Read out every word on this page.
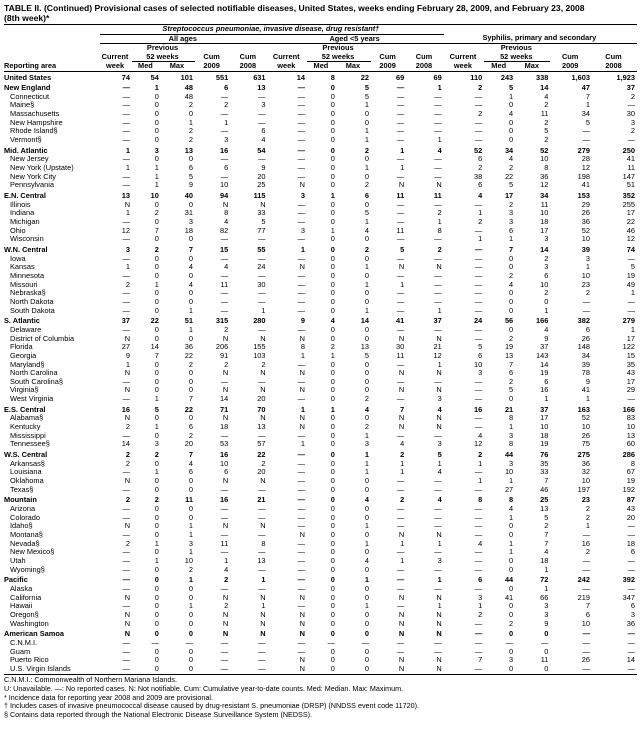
TABLE II. (Continued) Provisional cases of selected notifiable diseases, United States, weeks ending February 28, 2009, and February 23, 2008
(8th week)*
	Streptococcus pneumoniae, invasive disease, drug resistant†														
	All ages					Aged <5 years					Syphilis, primary and secondary				
		Previous					Previous					Previous			
	Current	52 weeks		Cum	Cum	Current	52 weeks		Cum	Cum	Current	52 weeks		Cum	Cum
Reporting area	week	Med	Max	2009	2008	week	Med	Max	2009	2008	week	Med	Max	2009	2008
United States	74	54	101	551	631	14	8	22	69	69	110	243	338	1,603	1,923
New England	—	1	48	6	13	—	0	5	—	1	2	5	14	47	37
Connecticut	—	0	48	—	—	—	0	5	—	—	—	1	4	7	2
Maine§	—	0	2	2	3	—	0	1	—	—	—	0	2	1	—
Massachusetts	—	0	0	—	—	—	0	0	—	—	2	4	11	34	30
New Hampshire	—	0	1	1	—	—	0	0	—	—	—	0	2	5	3
Rhode Island§	—	0	2	—	6	—	0	1	—	—	—	0	5	—	2
Vermont§	—	0	2	3	4	—	0	1	—	1	—	0	2	—	—
Mid. Atlantic	1	3	13	16	54	—	0	2	1	4	52	34	52	279	250
New Jersey	—	0	0	—	—	—	0	0	—	—	6	4	10	28	41
New York (Upstate)	1	1	6	6	9	—	0	1	1	—	2	2	8	12	11
New York City	—	1	5	—	20	—	0	0	—	—	38	22	36	198	147
Pennsylvania	—	1	9	10	25	N	0	2	N	N	6	5	12	41	51
E.N. Central	13	10	40	94	115	3	1	6	11	11	4	17	34	153	352
Illinois	N	0	0	N	N	—	0	0	—	—	—	2	11	29	255
Indiana	1	2	31	8	33	—	0	5	—	2	1	3	10	26	17
Michigan	—	0	3	4	5	—	0	1	—	1	2	3	18	36	22
Ohio	12	7	18	82	77	3	1	4	11	8	—	6	17	52	46
Wisconsin	—	0	0	—	—	—	0	0	—	—	1	1	3	10	12
W.N. Central	3	2	7	15	55	1	0	2	5	2	—	7	14	39	74
Iowa	—	0	0	—	—	—	0	0	—	—	—	0	2	3	—
Kansas	1	0	4	4	24	N	0	1	N	N	—	0	3	1	5
Minnesota	—	0	0	—	—	—	0	0	—	—	—	2	6	10	19
Missouri	2	1	4	11	30	—	0	1	1	—	—	4	10	23	49
Nebraska§	—	0	0	—	—	—	0	0	—	—	—	0	2	2	1
North Dakota	—	0	0	—	—	—	0	0	—	—	—	0	0	—	—
South Dakota	—	0	1	—	1	—	0	1	—	1	—	0	1	—	—
S. Atlantic	37	22	51	315	280	9	4	14	41	37	24	56	166	382	279
Delaware	—	0	1	2	—	—	0	0	—	—	—	0	4	6	1
District of Columbia	N	0	0	N	N	N	0	0	N	N	—	2	9	26	17
Florida	27	14	36	206	155	8	2	13	30	21	5	19	37	148	122
Georgia	9	7	22	91	103	1	1	5	11	12	6	13	143	34	15
Maryland§	1	0	2	2	2	—	0	0	—	1	10	7	14	39	35
North Carolina	N	0	0	N	N	N	0	0	N	N	3	6	19	78	43
South Carolina§	—	0	0	—	—	—	0	0	—	—	—	2	6	9	17
Virginia§	N	0	0	N	N	N	0	0	N	N	—	5	16	41	29
West Virginia	—	1	7	14	20	—	0	2	—	3	—	0	1	1	—
E.S. Central	16	5	22	71	70	1	1	4	7	4	16	21	37	163	166
Alabama§	N	0	0	N	N	N	0	0	N	N	—	8	17	52	83
Kentucky	2	1	6	18	13	N	0	2	N	N	—	1	10	10	10
Mississippi	—	0	2	—	—	—	0	1	—	—	4	3	18	26	13
Tennessee§	14	3	20	53	57	1	0	3	4	3	12	8	19	75	60
W.S. Central	2	2	7	16	22	—	0	1	2	5	2	44	76	275	286
Arkansas§	2	0	4	10	2	—	0	1	1	1	1	3	35	36	8
Louisiana	—	1	6	6	20	—	0	1	1	4	—	10	33	32	67
Oklahoma	N	0	0	N	N	—	0	0	—	—	1	1	7	10	19
Texas§	—	0	0	—	—	—	0	0	—	—	—	27	46	197	192
Mountain	2	2	11	16	21	—	0	4	2	4	8	8	25	23	87
Arizona	—	0	0	—	—	—	0	0	—	—	—	4	13	2	43
Colorado	—	0	0	—	—	—	0	0	—	—	—	1	5	2	20
Idaho§	N	0	1	N	N	—	0	1	—	—	—	0	2	1	—
Montana§	—	0	1	—	—	N	0	0	N	N	—	0	7	—	—
Nevada§	2	1	3	11	8	—	0	1	1	1	4	1	7	16	18
New Mexico§	—	0	1	—	—	—	0	0	—	—	—	1	4	2	6
Utah	—	1	10	1	13	—	0	4	1	3	—	0	18	—	—
Wyoming§	—	0	2	4	—	—	0	0	—	—	—	0	1	—	—
Pacific	—	0	1	2	1	—	0	1	—	1	6	44	72	242	392
Alaska	—	0	0	—	—	—	0	0	—	—	—	0	1	—	—
California	N	0	0	N	N	N	0	0	N	N	3	41	66	219	347
Hawaii	—	0	1	2	1	—	0	1	—	1	1	0	3	7	6
Oregon§	N	0	0	N	N	N	0	0	N	N	2	0	3	6	3
Washington	N	0	0	N	N	N	0	0	N	N	—	2	9	10	36
American Samoa	N	0	0	N	N	N	0	0	N	N	—	0	0	—	—
C.N.M.I.	—	—	—	—	—	—	—	—	—	—	—	—	—	—	—
Guam	—	0	0	—	—	—	0	0	—	—	—	0	0	—	—
Puerto Rico	—	0	0	—	—	N	0	0	N	N	7	3	11	26	14
U.S. Virgin Islands	—	0	0	—	—	N	0	0	N	N	—	0	0	—	—
C.N.M.I.: Commonwealth of Northern Mariana Islands.
U: Unavailable. —: No reported cases. N: Not notifiable. Cum: Cumulative year-to-date counts. Med: Median. Max: Maximum.
* Incidence data for reporting year 2008 and 2009 are provisional.
† Includes cases of invasive pneumococcal disease caused by drug-resistant S. pneumoniae (DRSP) (NNDSS event code 11720).
§ Contains data reported through the National Electronic Disease Surveillance System (NEDSS).
